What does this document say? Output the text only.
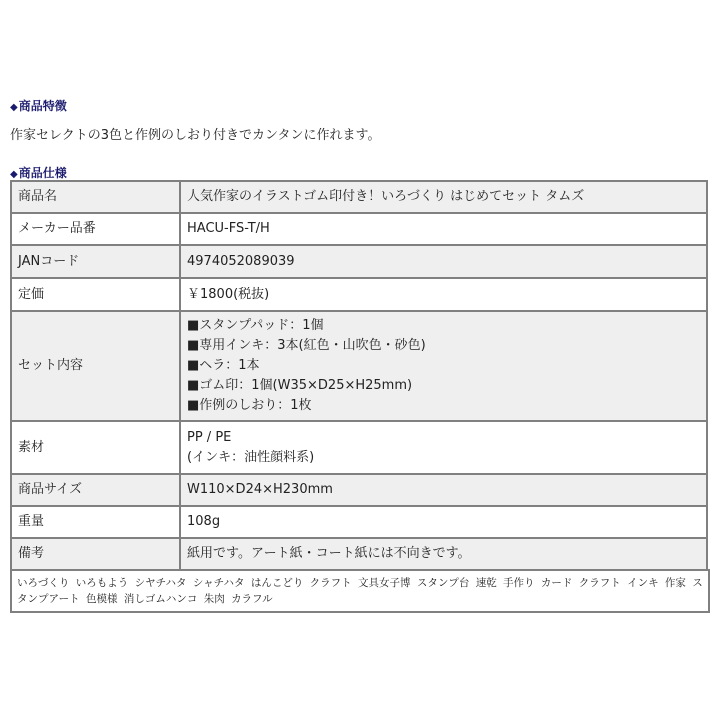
◆商品特徴
作家セレクトの3色と作例のしおり付きでカンタンに作れます。
◆商品仕様
商品名	人気作家のイラストゴム印付き！いろづくり はじめてセット タムズ
メーカー品番	HACU-FS-T/H
JANコード	4974052089039
定価	￥1800(税抜)
セット内容	■スタンプパッド：1個
■専用インキ：3本(紅色・山吹色・砂色)
■ヘラ：1本
■ゴム印：1個(W35×D25×H25mm)
■作例のしおり：1枚

素材	PP / PE
(インキ：油性顔料系)

商品サイズ	W110×D24×H230mm
重量	108g
備考	紙用です。アート紙・コート紙には不向きです。
いろづくり いろもよう シヤチハタ シャチハタ はんこどり クラフト 文具女子博 スタンプ台 速乾 手作り カード クラフト インキ 作家 スタンプアート 色模様 消しゴムハンコ 朱肉 カラフル
